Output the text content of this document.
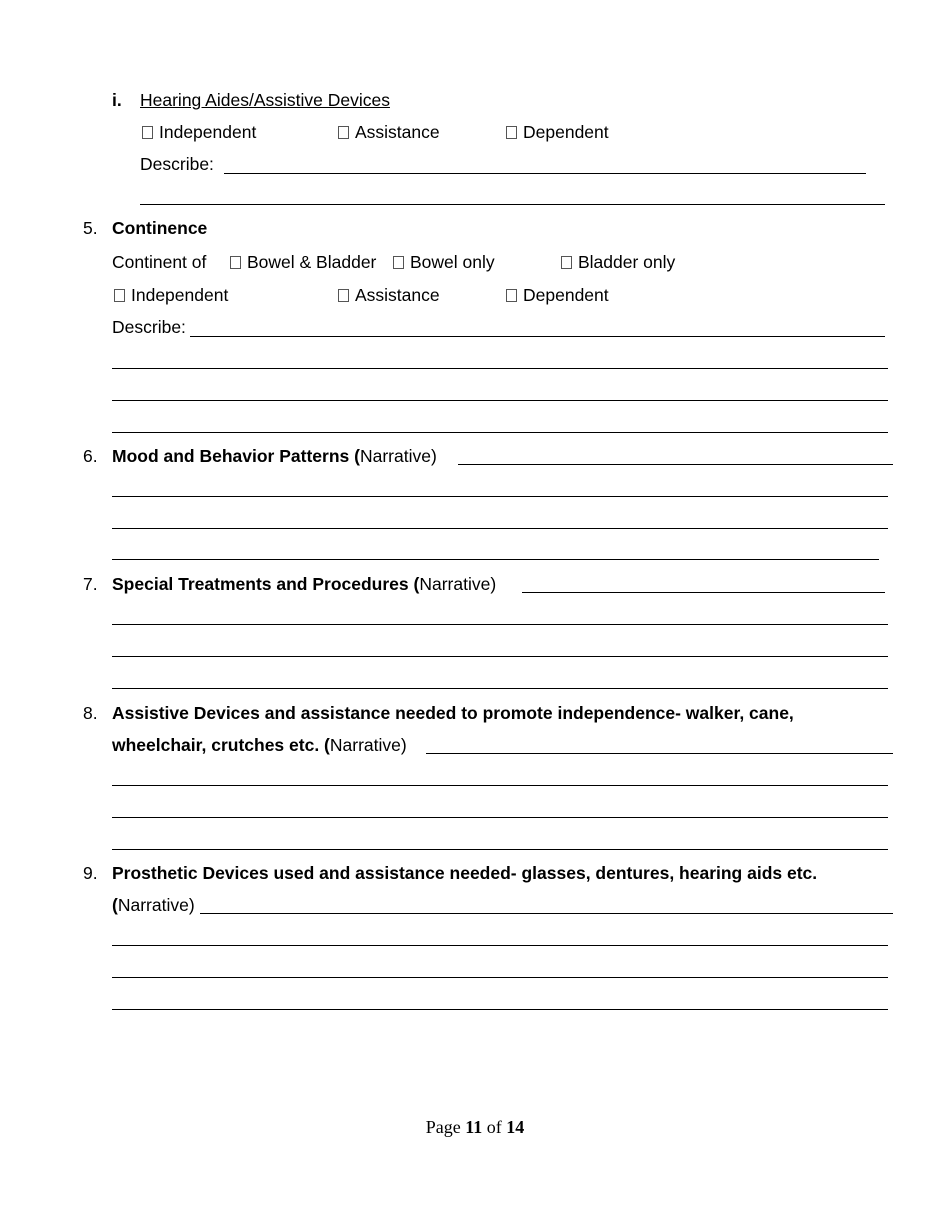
i. Hearing Aides/Assistive Devices
Independent	Assistance	Dependent
Describe:
5. Continence
Continent of	Bowel & Bladder	Bowel only	Bladder only
Independent	Assistance	Dependent
Describe:
6. Mood and Behavior Patterns (Narrative)
7. Special Treatments and Procedures (Narrative)
8. Assistive Devices and assistance needed to promote independence- walker, cane,
wheelchair, crutches etc. (Narrative)
9. Prosthetic Devices used and assistance needed- glasses, dentures, hearing aids etc.
(Narrative)
Page 11 of 14
